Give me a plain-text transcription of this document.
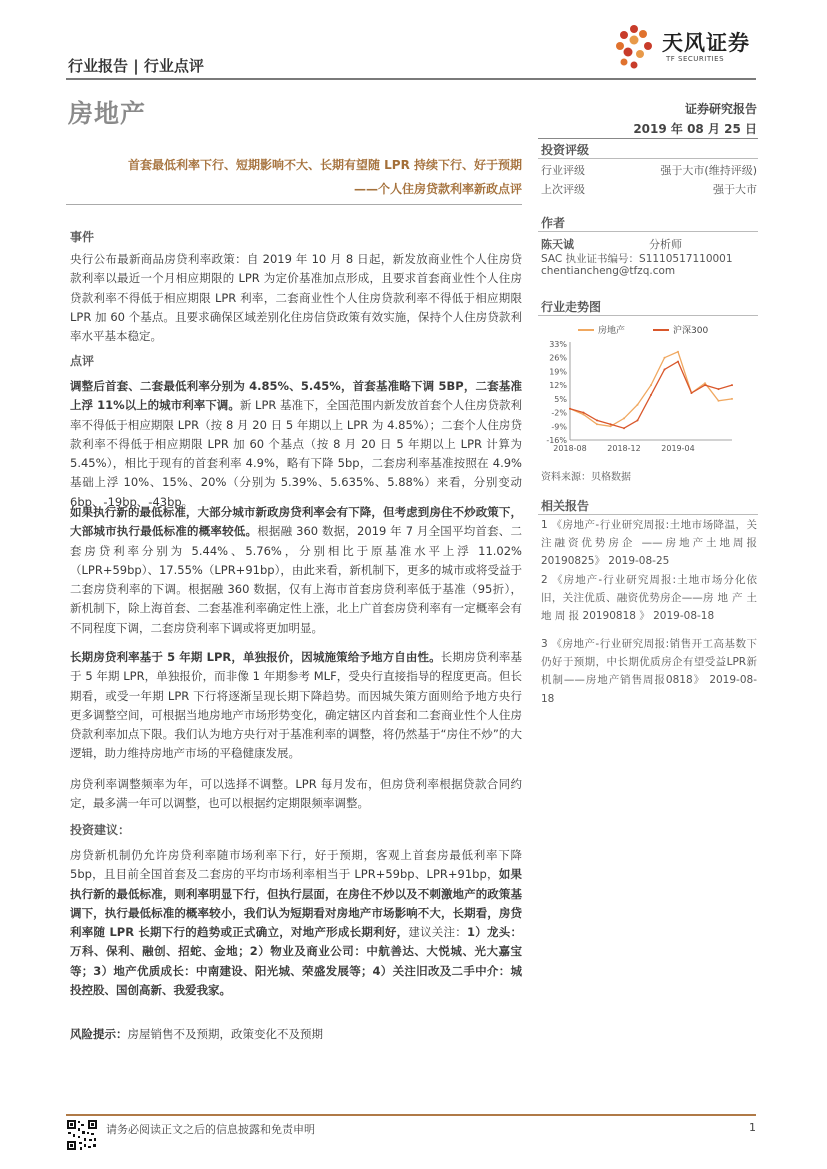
天风证券
TF SECURITIES
行业报告 | 行业点评
房地产	证券研究报告
2019 年 08 月 25 日
首套最低利率下行、短期影响不大、长期有望随 LPR 持续下行、好于预期
——个人住房贷款利率新政点评
投资评级
行业评级	强于大市(维持评级)
上次评级	强于大市
作者
陈天诚	分析师
SAC 执业证书编号：S1110517110001
chentiancheng@tfzq.com
行业走势图
33%
26%
19%
12%
5%
-2%
-9%
-16%
2018-08	2018-12	2019-04
房地产	沪深300
资料来源：贝格数据
相关报告
1 《房地产-行业研究周报:土地市场降温，关注融资优势房企 ——房地产土地周报 20190825》 2019-08-25
2 《房地产-行业研究周报:土地市场分化依旧，关注优质、融资优势房企——房 地 产 土 地 周 报 20190818 》 2019-08-18
3 《房地产-行业研究周报:销售开工高基数下仍好于预期，中长期优质房企有望受益LPR新机制——房地产销售周报0818》 2019-08-18
事件
央行公布最新商品房贷利率政策：自 2019 年 10 月 8 日起，新发放商业性个人住房贷款利率以最近一个月相应期限的 LPR 为定价基准加点形成，且要求首套商业性个人住房贷款利率不得低于相应期限 LPR 利率，二套商业性个人住房贷款利率不得低于相应期限 LPR 加 60 个基点。且要求确保区域差别化住房信贷政策有效实施，保持个人住房贷款利率水平基本稳定。
点评
调整后首套、二套最低利率分别为 4.85%、5.45%，首套基准略下调 5BP，二套基准上浮 11%以上的城市利率下调。新 LPR 基准下，全国范围内新发放首套个人住房贷款利率不得低于相应期限 LPR（按 8 月 20 日 5 年期以上 LPR 为 4.85%）；二套个人住房贷款利率不得低于相应期限 LPR 加 60 个基点（按 8 月 20 日 5 年期以上 LPR 计算为 5.45%），相比于现有的首套利率 4.9%，略有下降 5bp，二套房利率基准按照在 4.9%基础上浮 10%、15%、20%（分别为 5.39%、5.635%、5.88%）来看，分别变动 6bp、-19bp、-43bp。
如果执行新的最低标准，大部分城市新政房贷利率会有下降，但考虑到房住不炒政策下，大部城市执行最低标准的概率较低。根据融 360 数据，2019 年 7 月全国平均首套、二套房贷利率分别为 5.44%、5.76%，分别相比于原基准水平上浮 11.02%（LPR+59bp）、17.55%（LPR+91bp），由此来看，新机制下，更多的城市或将受益于二套房贷利率的下调。根据融 360 数据，仅有上海市首套房贷利率低于基准（95折），新机制下，除上海首套、二套基准利率确定性上涨，北上广首套房贷利率有一定概率会有不同程度下调，二套房贷利率下调或将更加明显。
长期房贷利率基于 5 年期 LPR，单独报价，因城施策给予地方自由性。长期房贷利率基于 5 年期 LPR，单独报价，而非像 1 年期参考 MLF，受央行直接指导的程度更高。但长期看，或受一年期 LPR 下行将逐渐呈现长期下降趋势。而因城失策方面则给予地方央行更多调整空间，可根据当地房地产市场形势变化，确定辖区内首套和二套商业性个人住房贷款利率加点下限。我们认为地方央行对于基准利率的调整，将仍然基于“房住不炒”的大逻辑，助力维持房地产市场的平稳健康发展。
房贷利率调整频率为年，可以选择不调整。LPR 每月发布，但房贷利率根据贷款合同约定，最多满一年可以调整，也可以根据约定期限频率调整。
投资建议：
房贷新机制仍允许房贷利率随市场利率下行，好于预期，客观上首套房最低利率下降 5bp，且目前全国首套及二套房的平均市场利率相当于 LPR+59bp、LPR+91bp，如果执行新的最低标准，则利率明显下行，但执行层面，在房住不炒以及不刺激地产的政策基调下，执行最低标准的概率较小，我们认为短期看对房地产市场影响不大，长期看，房贷利率随 LPR 长期下行的趋势或正式确立，对地产形成长期利好，建议关注：1）龙头：万科、保利、融创、招蛇、金地；2）物业及商业公司：中航善达、大悦城、光大嘉宝等；3）地产优质成长：中南建设、阳光城、荣盛发展等；4）关注旧改及二手中介：城投控股、国创高新、我爱我家。
风险提示：房屋销售不及预期，政策变化不及预期
请务必阅读正文之后的信息披露和免责申明	1
